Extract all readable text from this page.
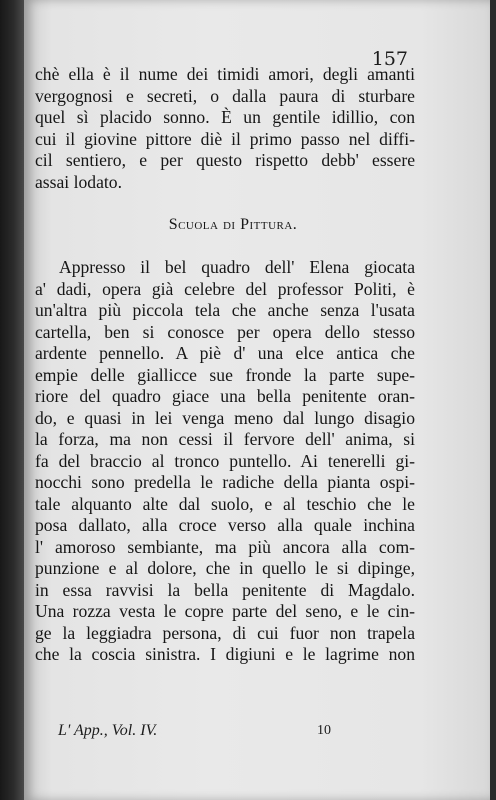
157
chè ella è il nume dei timidi amori, degli amanti
vergognosi e secreti, o dalla paura di sturbare
quel sì placido sonno. È un gentile idillio, con
cui il giovine pittore diè il primo passo nel diffi-
cil sentiero, e per questo rispetto debb' essere
assai lodato.
Scuola di Pittura.
Appresso il bel quadro dell' Elena giocata
a' dadi, opera già celebre del professor Politi, è
un'altra più piccola tela che anche senza l'usata
cartella, ben si conosce per opera dello stesso
ardente pennello. A piè d' una elce antica che
empie delle giallicce sue fronde la parte supe-
riore del quadro giace una bella penitente oran-
do, e quasi in lei venga meno dal lungo disagio
la forza, ma non cessi il fervore dell' anima, si
fa del braccio al tronco puntello. Ai tenerelli gi-
nocchi sono predella le radiche della pianta ospi-
tale alquanto alte dal suolo, e al teschio che le
posa dallato, alla croce verso alla quale inchina
l' amoroso sembiante, ma più ancora alla com-
punzione e al dolore, che in quello le si dipinge,
in essa ravvisi la bella penitente di Magdalo.
Una rozza vesta le copre parte del seno, e le cin-
ge la leggiadra persona, di cui fuor non trapela
che la coscia sinistra. I digiuni e le lagrime non
L' App., Vol. IV.	10
